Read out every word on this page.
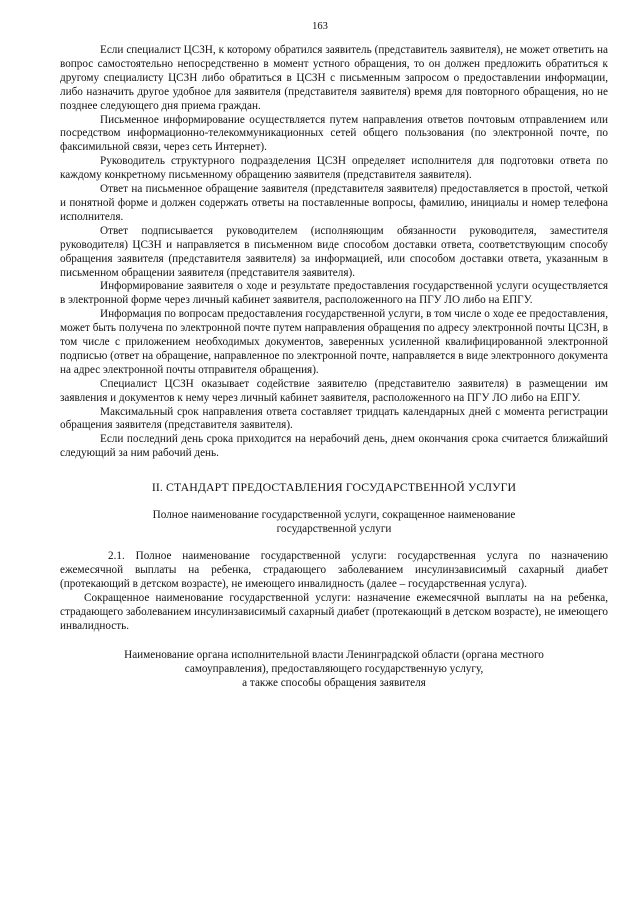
163

Если специалист ЦСЗН, к которому обратился заявитель (представитель заявителя), не может ответить на вопрос самостоятельно непосредственно в момент устного обращения, то он должен предложить обратиться к другому специалисту ЦСЗН либо обратиться в ЦСЗН с письменным запросом о предоставлении информации, либо назначить другое удобное для заявителя (представителя заявителя) время для повторного обращения, но не позднее следующего дня приема граждан.

Письменное информирование осуществляется путем направления ответов почтовым отправлением или посредством информационно-телекоммуникационных сетей общего пользования (по электронной почте, по факсимильной связи, через сеть Интернет).

Руководитель структурного подразделения ЦСЗН определяет исполнителя для подготовки ответа по каждому конкретному письменному обращению заявителя (представителя заявителя).

Ответ на письменное обращение заявителя (представителя заявителя) предоставляется в простой, четкой и понятной форме и должен содержать ответы на поставленные вопросы, фамилию, инициалы и номер телефона исполнителя.

Ответ подписывается руководителем (исполняющим обязанности руководителя, заместителя руководителя) ЦСЗН и направляется в письменном виде способом доставки ответа, соответствующим способу обращения заявителя (представителя заявителя) за информацией, или способом доставки ответа, указанным в письменном обращении заявителя (представителя заявителя).

Информирование заявителя о ходе и результате предоставления государственной услуги осуществляется в электронной форме через личный кабинет заявителя, расположенного на ПГУ ЛО либо на ЕПГУ.

Информация по вопросам предоставления государственной услуги, в том числе о ходе ее предоставления, может быть получена по электронной почте путем направления обращения по адресу электронной почты ЦСЗН, в том числе с приложением необходимых документов, заверенных усиленной квалифицированной электронной подписью (ответ на обращение, направленное по электронной почте, направляется в виде электронного документа на адрес электронной почты отправителя обращения).

Специалист ЦСЗН оказывает содействие заявителю (представителю заявителя) в размещении им заявления и документов к нему через личный кабинет заявителя, расположенного на ПГУ ЛО либо на ЕПГУ.

Максимальный срок направления ответа составляет тридцать календарных дней с момента регистрации обращения заявителя (представителя заявителя).

Если последний день срока приходится на нерабочий день, днем окончания срока считается ближайший следующий за ним рабочий день.

II. СТАНДАРТ ПРЕДОСТАВЛЕНИЯ ГОСУДАРСТВЕННОЙ УСЛУГИ
Полное наименование государственной услуги, сокращенное наименование
государственной услуги

2.1. Полное наименование государственной услуги: государственная услуга по назначению ежемесячной выплаты на ребенка, страдающего заболеванием инсулинзависимый сахарный диабет (протекающий в детском возрасте), не имеющего инвалидность (далее – государственная услуга).

Сокращенное наименование государственной услуги: назначение ежемесячной выплаты на на ребенка, страдающего заболеванием инсулинзависимый сахарный диабет (протекающий в детском возрасте), не имеющего инвалидность.

Наименование органа исполнительной власти Ленинградской области (органа местного
самоуправления), предоставляющего государственную услугу,
а также способы обращения заявителя
